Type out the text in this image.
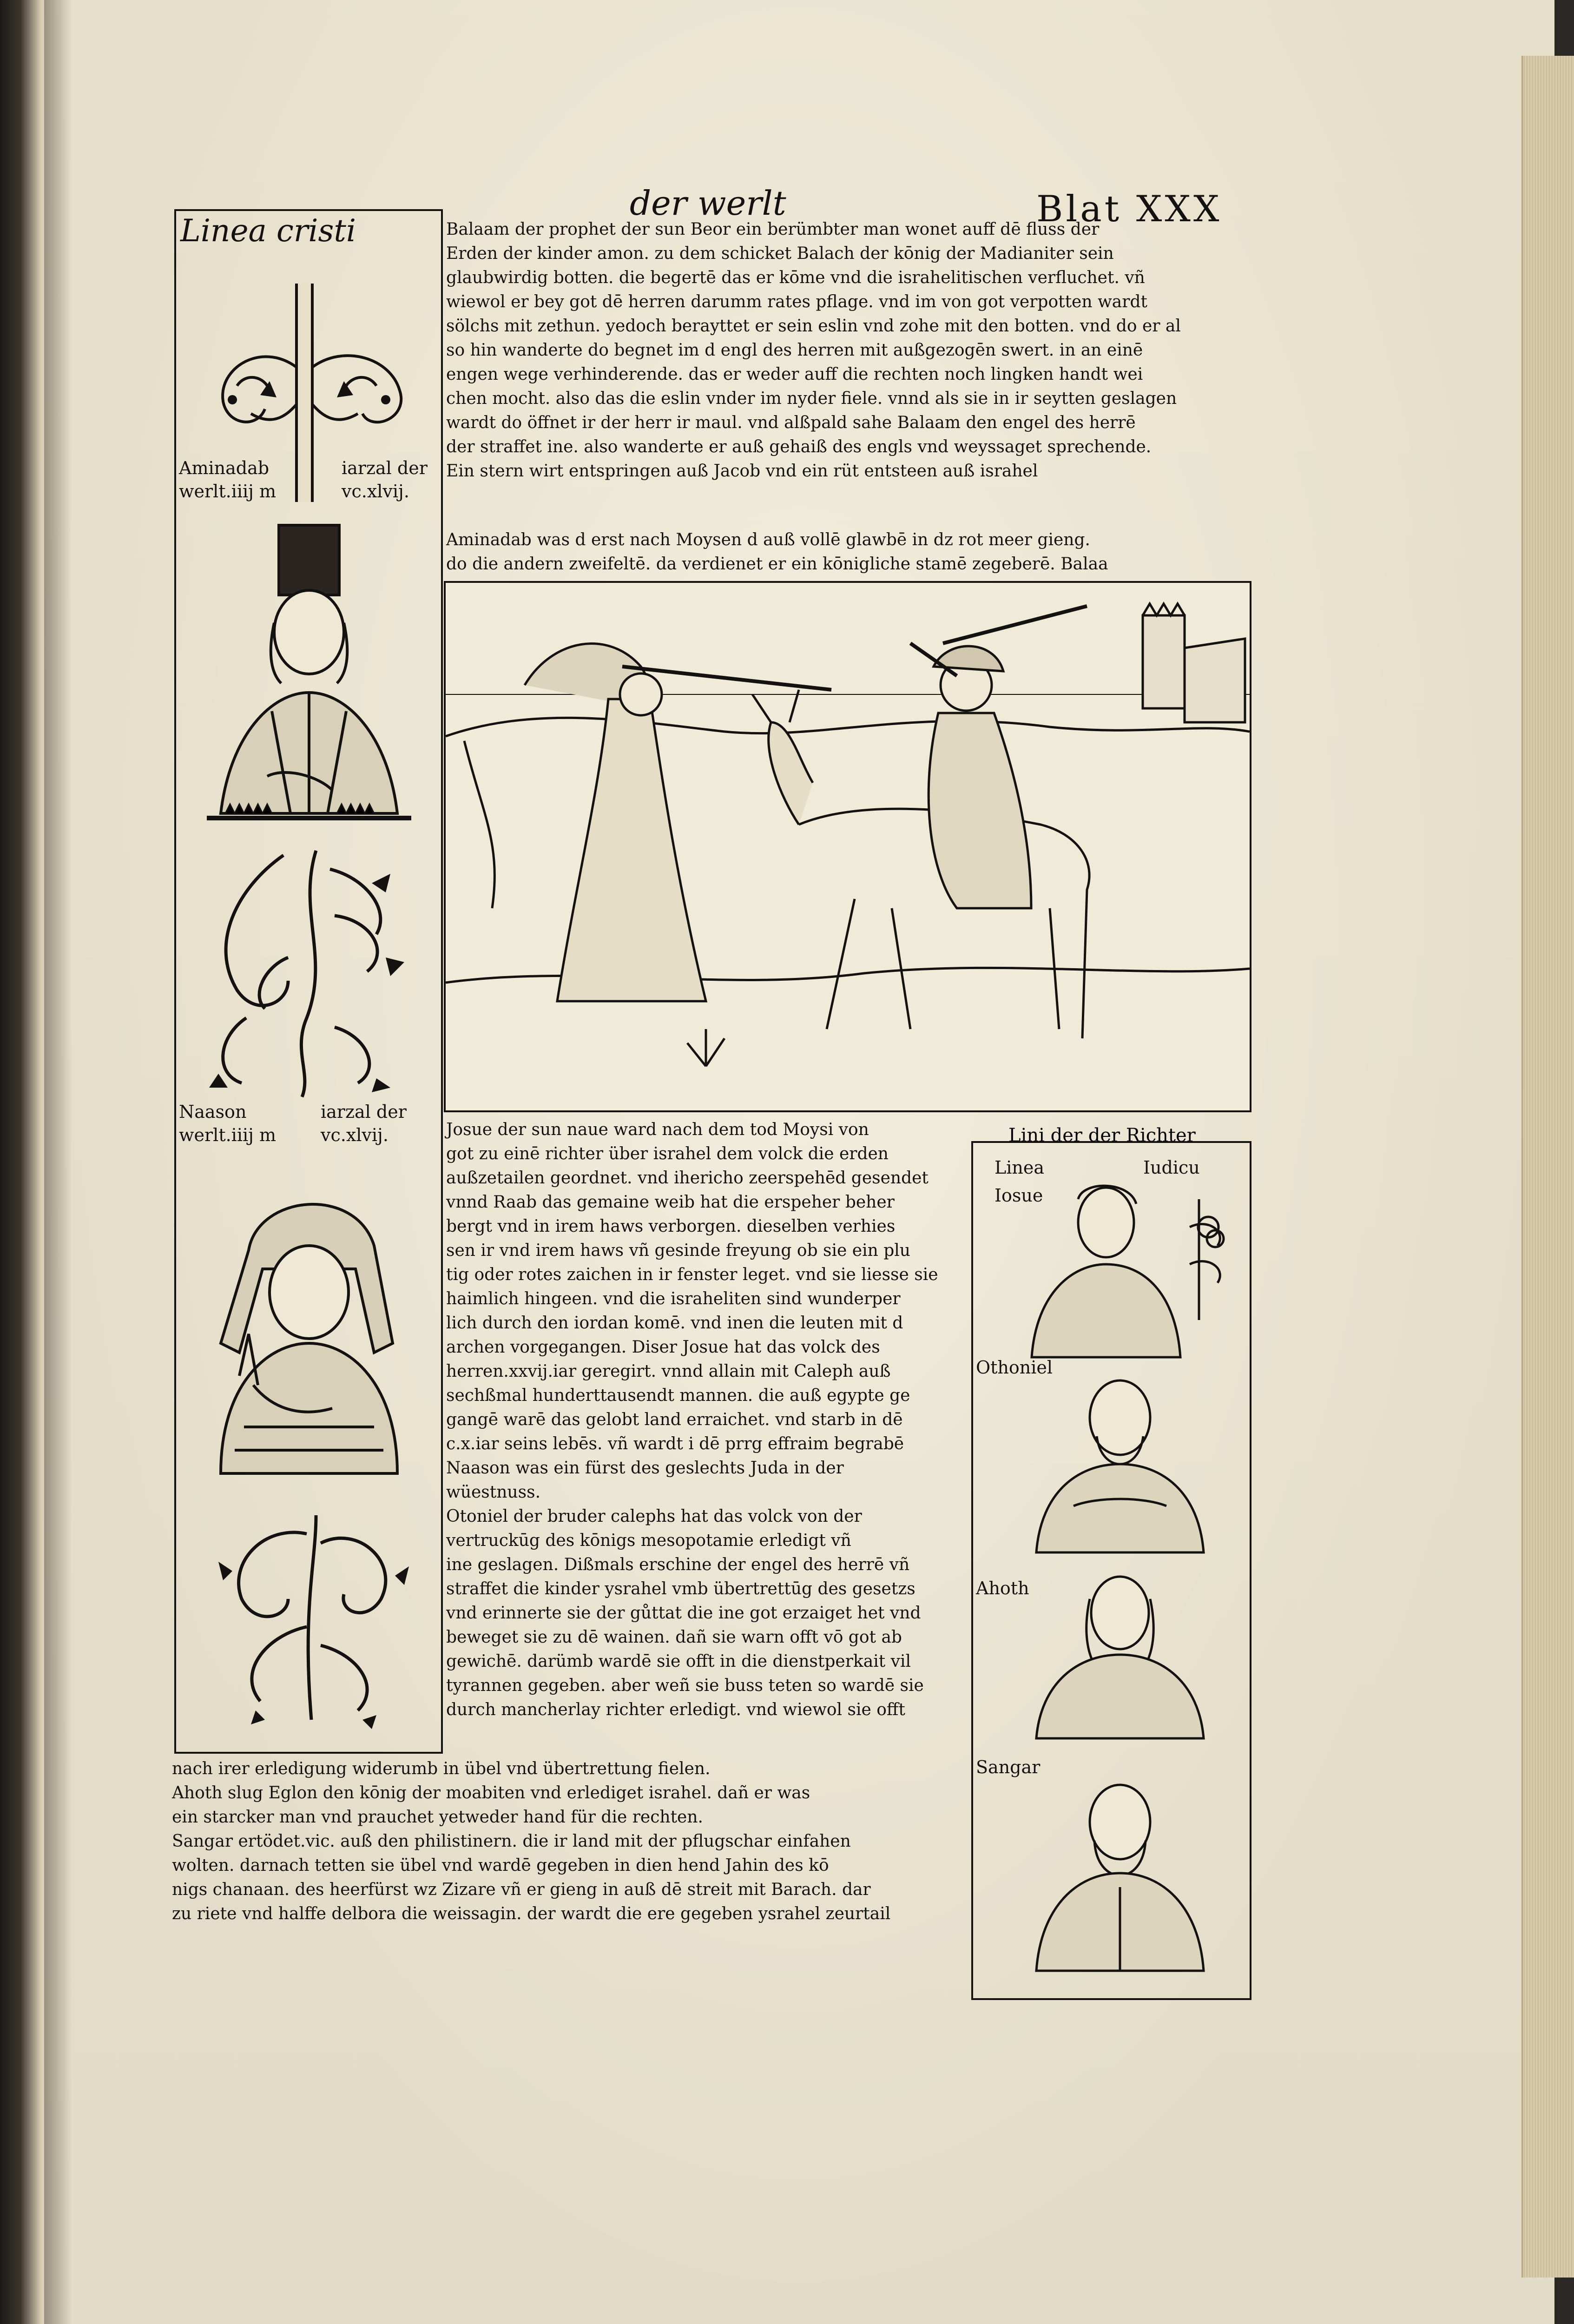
der werlt	Blat XXX
Linea cristi
Aminadab
werlt.iiij m
iarzal der
vc.xlvij.
Naason
werlt.iiij m
iarzal der
vc.xlvij.

Balaam der prophet der sun Beor ein berümbter man wonet auff dē fluss der

Erden der kinder amon. zu dem schicket Balach der kōnig der Madianiter sein

glaubwirdig botten. die begertē das er kōme vnd die israhelitischen verfluchet. vñ

wiewol er bey got dē herren darumm rates pflage. vnd im von got verpotten wardt

sölchs mit zethun. yedoch berayttet er sein eslin vnd zohe mit den botten. vnd do er al

so hin wanderte do begnet im d engl des herren mit außgezogēn swert. in an einē

engen wege verhinderende. das er weder auff die rechten noch lingken handt wei

chen mocht. also das die eslin vnder im nyder fiele. vnnd als sie in ir seytten geslagen

wardt do öffnet ir der herr ir maul. vnd alßpald sahe Balaam den engel des herrē

der straffet ine. also wanderte er auß gehaiß des engls vnd weyssaget sprechende.

Ein stern wirt entspringen auß Jacob vnd ein rüt entsteen auß israhel

Aminadab was d erst nach Moysen d auß vollē glawbē in dz rot meer gieng.

do die andern zweifeltē. da verdienet er ein kōnigliche stamē zegeberē. Balaa

Lini der der Richter

Josue der sun naue ward nach dem tod Moysi von

got zu einē richter über israhel dem volck die erden

außzetailen geordnet. vnd ihericho zeerspehēd gesendet

vnnd Raab das gemaine weib hat die erspeher beher

bergt vnd in irem haws verborgen. dieselben verhies

sen ir vnd irem haws vñ gesinde freyung ob sie ein plu

tig oder rotes zaichen in ir fenster leget. vnd sie liesse sie

haimlich hingeen. vnd die israheliten sind wunderper

lich durch den iordan komē. vnd inen die leuten mit d

archen vorgegangen. Diser Josue hat das volck des

herren.xxvij.iar geregirt. vnnd allain mit Caleph auß

sechßmal hunderttausendt mannen. die auß egypte ge

gangē warē das gelobt land erraichet. vnd starb in dē

c.x.iar seins lebēs. vñ wardt i dē prrg effraim begrabē

Naason was ein fürst des geslechts Juda in der

wüestnuss.

Otoniel der bruder calephs hat das volck von der

vertruckūg des kōnigs mesopotamie erledigt vñ

ine geslagen. Dißmals erschine der engel des herrē vñ

straffet die kinder ysrahel vmb übertrettūg des gesetzs

vnd erinnerte sie der gůttat die ine got erzaiget het vnd

beweget sie zu dē wainen. dañ sie warn offt vō got ab

gewichē. darümb wardē sie offt in die dienstperkait vil

tyrannen gegeben. aber weñ sie buss teten so wardē sie

durch mancherlay richter erledigt. vnd wiewol sie offt

Linea	Iudicu
Iosue
Othoniel
Ahoth
Sangar

nach irer erledigung widerumb in übel vnd übertrettung fielen.

Ahoth slug Eglon den kōnig der moabiten vnd erlediget israhel. dañ er was

ein starcker man vnd prauchet yetweder hand für die rechten.

Sangar ertödet.vic. auß den philistinern. die ir land mit der pflugschar einfahen

wolten. darnach tetten sie übel vnd wardē gegeben in dien hend Jahin des kō

nigs chanaan. des heerfürst wz Zizare vñ er gieng in auß dē streit mit Barach. dar

zu riete vnd halffe delbora die weissagin. der wardt die ere gegeben ysrahel zeurtail
